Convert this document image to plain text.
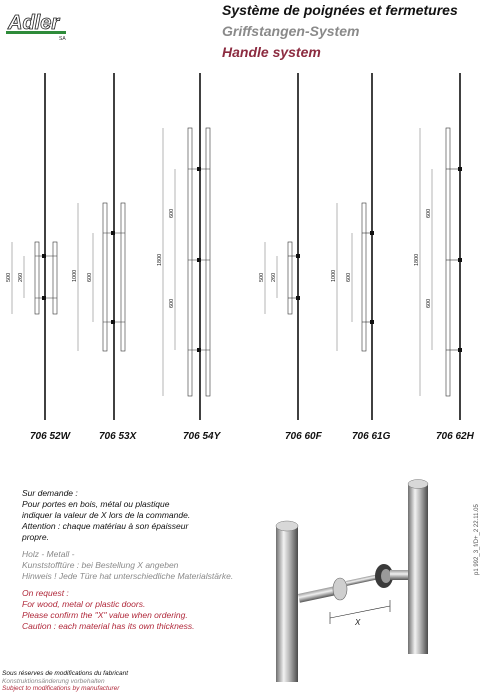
Adler
SA
Système de poignées et fermetures
Griffstangen-System
Handle system
500 260	1000 600
1800
600
600
500 260	1000 600
1800
600
600
706 52W	706 53X	706 54Y	706 60F	706 61G	706 62H

Sur demande :

Pour portes en bois, métal ou plastique

indiquer la valeur de X lors de la commande.

Attention : chaque matériau à son épaisseur

propre.

Holz - Metall -

Kunststofftüre : bei Bestellung X angeben

Hinweis ! Jede Türe hat unterschiedliche Materialstärke.

On request :

For wood, metal or plastic doors.

Please confirm the "X" value when ordering.

Caution : each material has its own thickness.	X
p1 992_3_f/D+_2 22.11.05
Sous réserves de modifications du fabricant
Konstruktionsänderung vorbehalten
Subject to modifications by manufacturer
